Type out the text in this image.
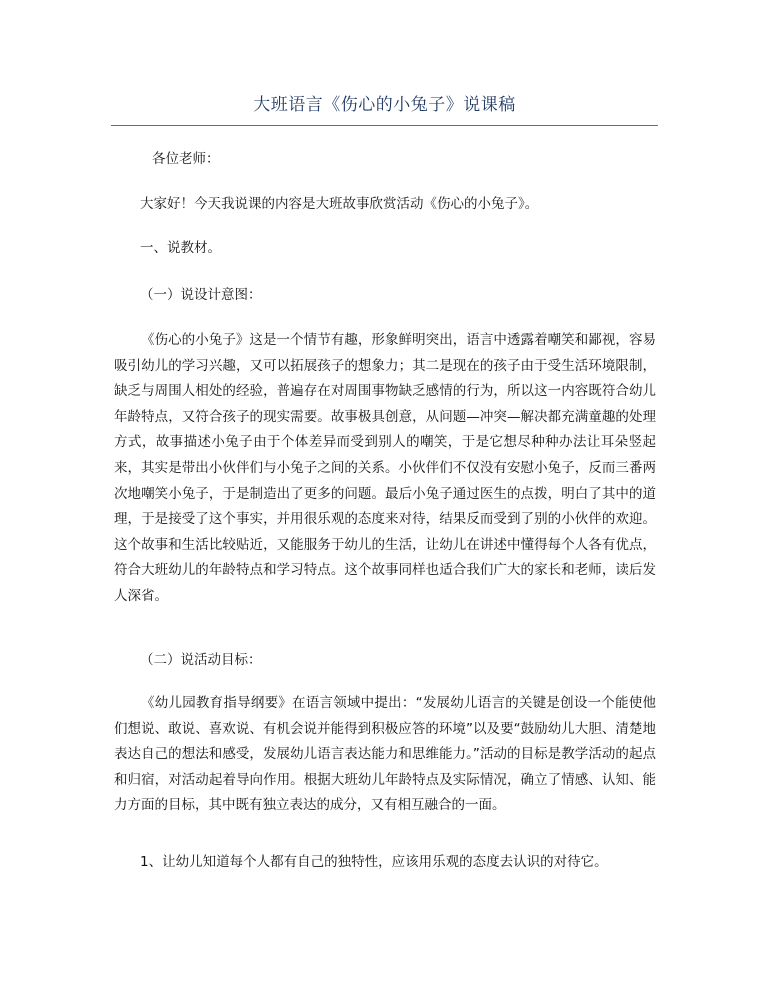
大班语言《伤心的小兔子》说课稿

各位老师：

大家好！今天我说课的内容是大班故事欣赏活动《伤心的小兔子》。

一、说教材。

（一）说设计意图：

《伤心的小兔子》这是一个情节有趣，形象鲜明突出，语言中透露着嘲笑和鄙视，容易吸引幼儿的学习兴趣，又可以拓展孩子的想象力；其二是现在的孩子由于受生活环境限制，缺乏与周围人相处的经验，普遍存在对周围事物缺乏感情的行为，所以这一内容既符合幼儿年龄特点，又符合孩子的现实需要。故事极具创意，从问题—冲突—解决都充满童趣的处理方式，故事描述小兔子由于个体差异而受到别人的嘲笑，于是它想尽种种办法让耳朵竖起来，其实是带出小伙伴们与小兔子之间的关系。小伙伴们不仅没有安慰小兔子，反而三番两次地嘲笑小兔子，于是制造出了更多的问题。最后小兔子通过医生的点拨，明白了其中的道理，于是接受了这个事实，并用很乐观的态度来对待，结果反而受到了别的小伙伴的欢迎。这个故事和生活比较贴近，又能服务于幼儿的生活，让幼儿在讲述中懂得每个人各有优点，符合大班幼儿的年龄特点和学习特点。这个故事同样也适合我们广大的家长和老师，读后发人深省。

（二）说活动目标：

《幼儿园教育指导纲要》在语言领域中提出：“发展幼儿语言的关键是创设一个能使他们想说、敢说、喜欢说、有机会说并能得到积极应答的环境”以及要“鼓励幼儿大胆、清楚地表达自己的想法和感受，发展幼儿语言表达能力和思维能力。”活动的目标是教学活动的起点和归宿，对活动起着导向作用。根据大班幼儿年龄特点及实际情况，确立了情感、认知、能力方面的目标，其中既有独立表达的成分，又有相互融合的一面。

1、让幼儿知道每个人都有自己的独特性，应该用乐观的态度去认识的对待它。
